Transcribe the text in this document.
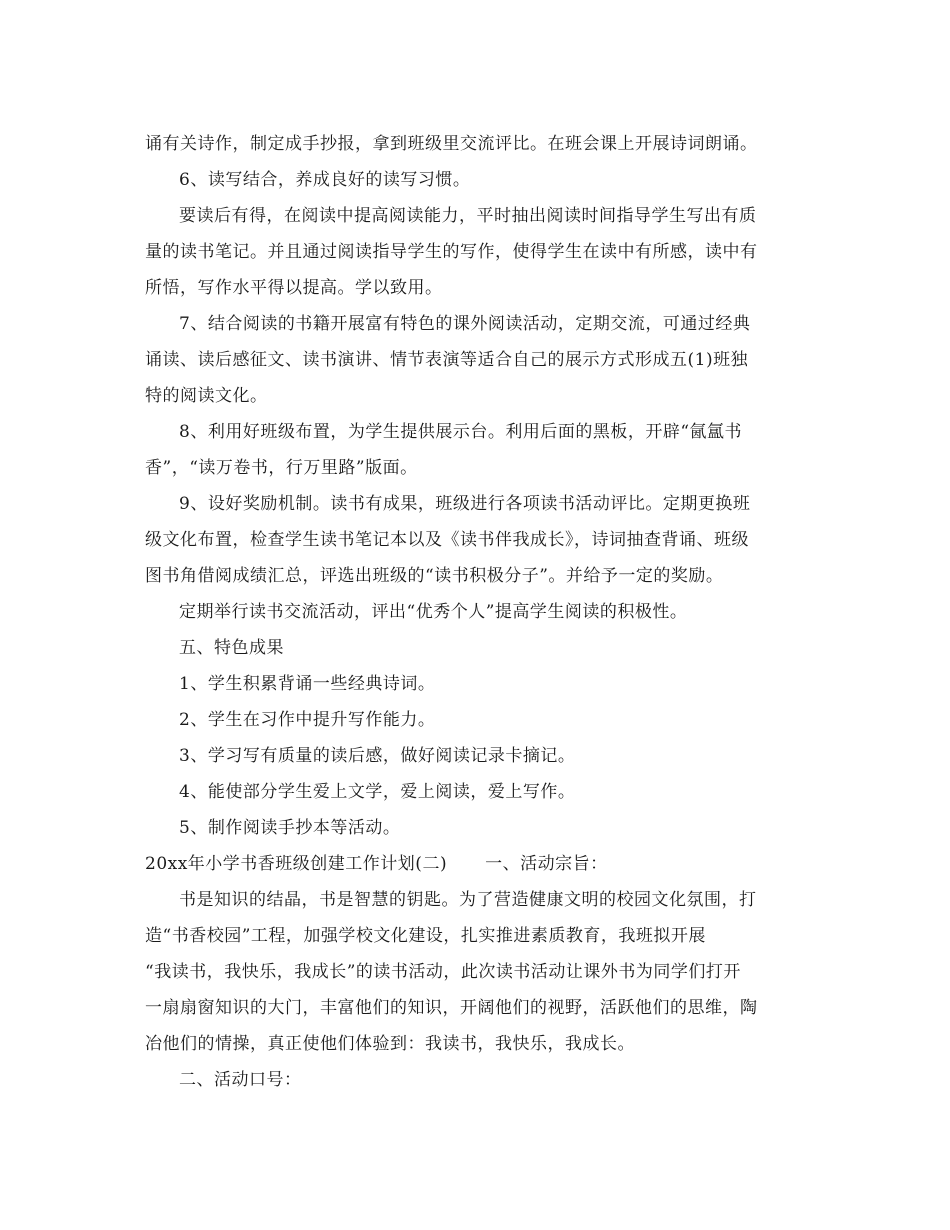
诵有关诗作，制定成手抄报，拿到班级里交流评比。在班会课上开展诗词朗诵。

6、读写结合，养成良好的读写习惯。

要读后有得，在阅读中提高阅读能力，平时抽出阅读时间指导学生写出有质

量的读书笔记。并且通过阅读指导学生的写作，使得学生在读中有所感，读中有

所悟，写作水平得以提高。学以致用。

7、结合阅读的书籍开展富有特色的课外阅读活动，定期交流，可通过经典

诵读、读后感征文、读书演讲、情节表演等适合自己的展示方式形成五(1)班独

特的阅读文化。

8、利用好班级布置，为学生提供展示台。利用后面的黑板，开辟“氤氲书

香”，“读万卷书，行万里路”版面。

9、设好奖励机制。读书有成果，班级进行各项读书活动评比。定期更换班

级文化布置，检查学生读书笔记本以及《读书伴我成长》，诗词抽查背诵、班级

图书角借阅成绩汇总，评选出班级的“读书积极分子”。并给予一定的奖励。

定期举行读书交流活动，评出“优秀个人”提高学生阅读的积极性。

五、特色成果

1、学生积累背诵一些经典诗词。

2、学生在习作中提升写作能力。

3、学习写有质量的读后感，做好阅读记录卡摘记。

4、能使部分学生爱上文学，爱上阅读，爱上写作。

5、制作阅读手抄本等活动。

20xx年小学书香班级创建工作计划(二) 一、活动宗旨：

书是知识的结晶，书是智慧的钥匙。为了营造健康文明的校园文化氛围，打

造“书香校园”工程，加强学校文化建设，扎实推进素质教育，我班拟开展

“我读书，我快乐，我成长”的读书活动，此次读书活动让课外书为同学们打开

一扇扇窗知识的大门，丰富他们的知识，开阔他们的视野，活跃他们的思维，陶

冶他们的情操，真正使他们体验到：我读书，我快乐，我成长。

二、活动口号：
